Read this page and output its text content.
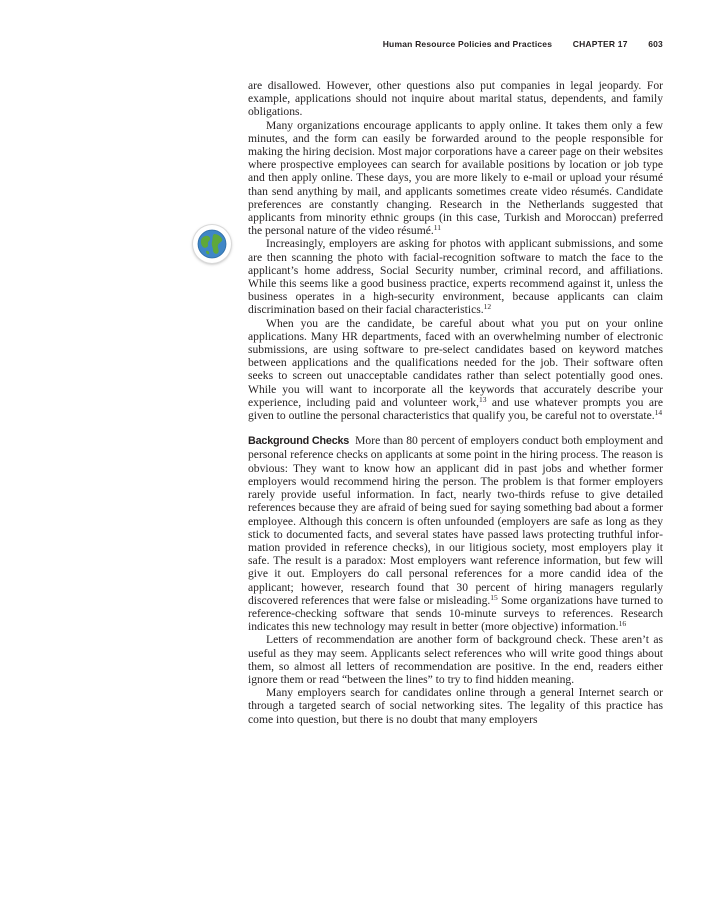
Human Resource Policies and Practices CHAPTER 17 603

are disallowed. However, other questions also put companies in legal jeopardy. For example, applications should not inquire about marital status, dependents, and family obligations.

Many organizations encourage applicants to apply online. It takes them only a few minutes, and the form can easily be forwarded around to the people responsible for making the hiring decision. Most major corporations have a career page on their websites where prospective employees can search for available positions by location or job type and then apply online. These days, you are more likely to e-mail or upload your résumé than send anything by mail, and applicants sometimes create video résumés. Candidate preferences are constantly changing. Research in the Netherlands suggested that applicants from minority ethnic groups (in this case, Turkish and Moroccan) preferred the personal nature of the video résumé.$^{11}$

Increasingly, employers are asking for photos with applicant submissions, and some are then scanning the photo with facial-recognition software to match the face to the applicant’s home address, Social Security number, criminal record, and affiliations. While this seems like a good business practice, experts recommend against it, unless the business operates in a high-security environment, because applicants can claim discrimination based on their facial characteristics.$^{12}$

When you are the candidate, be careful about what you put on your online applications. Many HR departments, faced with an overwhelming number of electronic submissions, are using software to pre-select candidates based on keyword matches between applications and the qualifications needed for the job. Their software often seeks to screen out unacceptable candidates rather than select potentially good ones. While you will want to incorporate all the keywords that accurately describe your experience, including paid and volunteer work,$^{13}$ and use whatever prompts you are given to outline the personal characteristics that qualify you, be careful not to overstate.$^{14}$

Background Checks More than 80 percent of employers conduct both employment and personal reference checks on applicants at some point in the hiring process. The reason is obvious: They want to know how an applicant did in past jobs and whether former employers would recommend hiring the person. The problem is that former employers rarely provide useful information. In fact, nearly two-thirds refuse to give detailed references because they are afraid of being sued for saying something bad about a former employee. Although this concern is often unfounded (employers are safe as long as they stick to documented facts, and several states have passed laws protecting truthful information provided in reference checks), in our litigious society, most employers play it safe. The result is a paradox: Most employers want reference information, but few will give it out. Employers do call personal references for a more candid idea of the applicant; however, research found that 30 percent of hiring managers regularly discovered references that were false or misleading.$^{15}$ Some organizations have turned to reference-checking software that sends 10-minute surveys to references. Research indicates this new technology may result in better (more objective) information.$^{16}$

Letters of recommendation are another form of background check. These aren’t as useful as they may seem. Applicants select references who will write good things about them, so almost all letters of recommendation are positive. In the end, readers either ignore them or read “between the lines” to try to find hidden meaning.

Many employers search for candidates online through a general Internet search or through a targeted search of social networking sites. The legality of this practice has come into question, but there is no doubt that many employers
